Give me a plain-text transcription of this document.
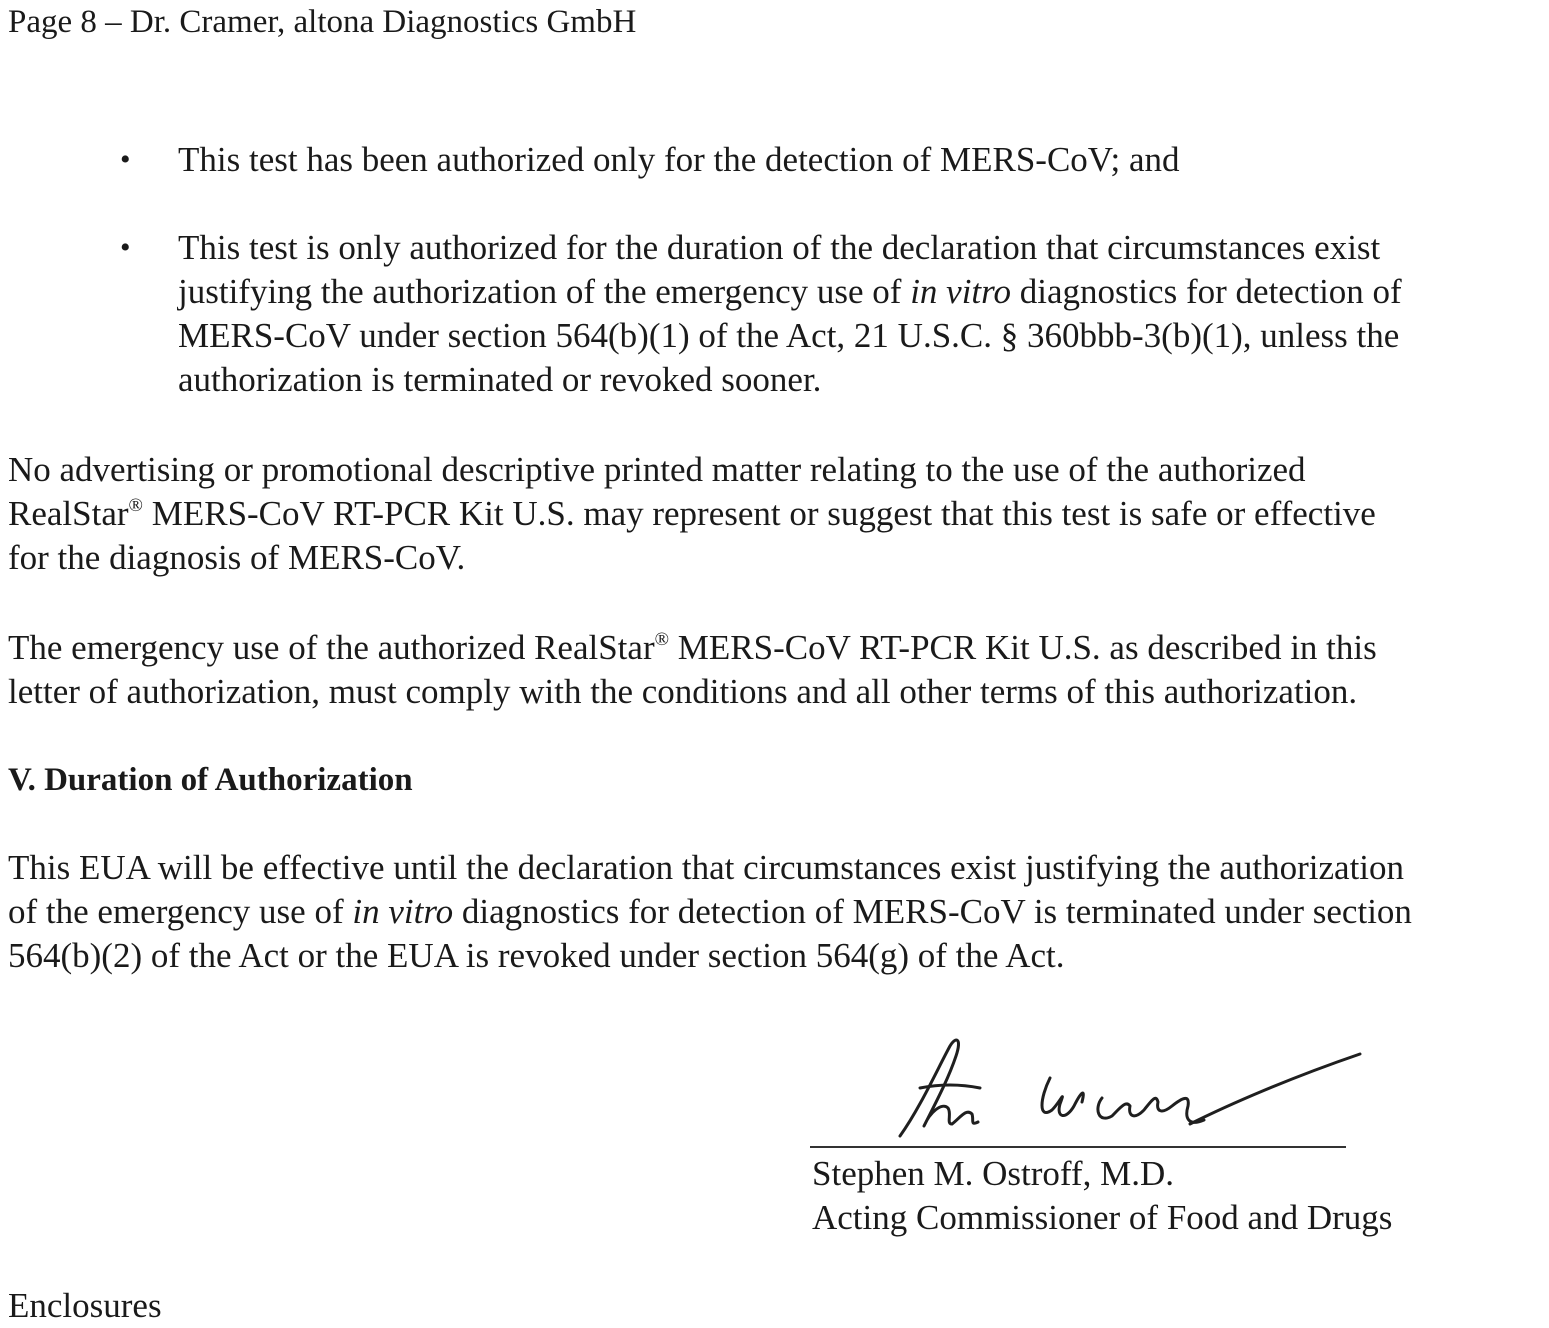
Page 8 – Dr. Cramer, altona Diagnostics GmbH
• This test has been authorized only for the detection of MERS-CoV; and
• This test is only authorized for the duration of the declaration that circumstances exist
justifying the authorization of the emergency use of in vitro diagnostics for detection of
MERS-CoV under section 564(b)(1) of the Act, 21 U.S.C. § 360bbb-3(b)(1), unless the
authorization is terminated or revoked sooner.

No advertising or promotional descriptive printed matter relating to the use of the authorized
RealStar® MERS-CoV RT-PCR Kit U.S. may represent or suggest that this test is safe or effective
for the diagnosis of MERS-CoV.

The emergency use of the authorized RealStar® MERS-CoV RT-PCR Kit U.S. as described in this
letter of authorization, must comply with the conditions and all other terms of this authorization.

V. Duration of Authorization

This EUA will be effective until the declaration that circumstances exist justifying the authorization
of the emergency use of in vitro diagnostics for detection of MERS-CoV is terminated under section
564(b)(2) of the Act or the EUA is revoked under section 564(g) of the Act.

Stephen M. Ostroff, M.D.
Acting Commissioner of Food and Drugs
Enclosures
